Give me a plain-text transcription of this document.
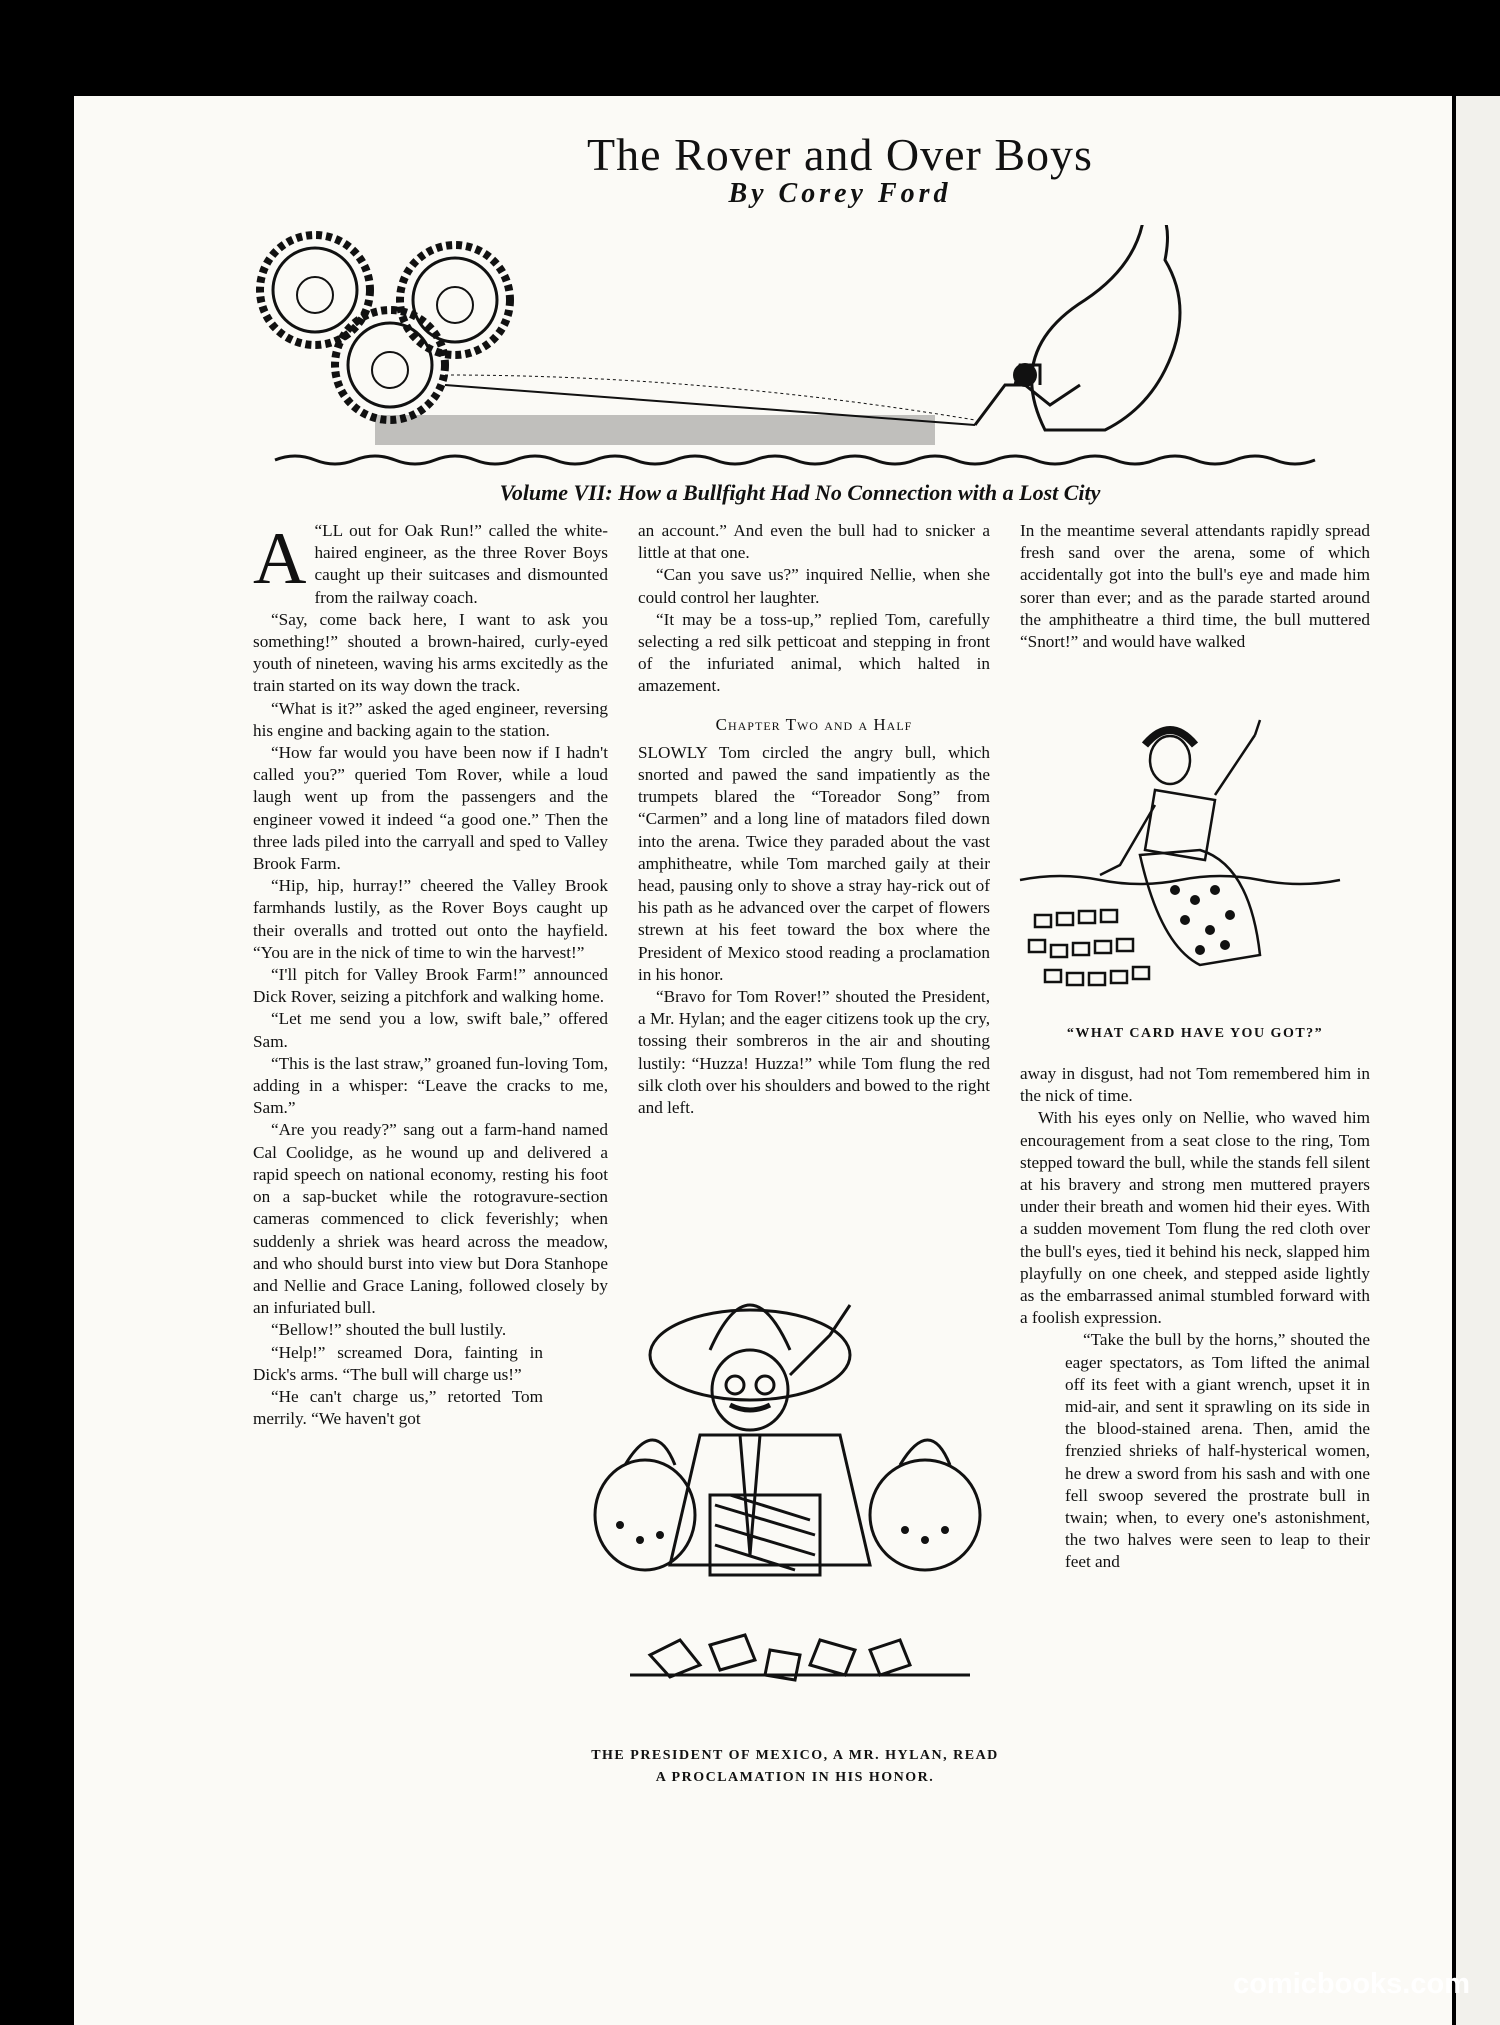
The Rover and Over Boys
By Corey Ford
Volume VII: How a Bullfight Had No Connection with a Lost City

A “LL out for Oak Run!” called the white-haired engineer, as the three Rover Boys caught up their suitcases and dismounted from the railway coach.

“Say, come back here, I want to ask you something!” shouted a brown-haired, curly-eyed youth of nineteen, waving his arms excitedly as the train started on its way down the track.

“What is it?” asked the aged engineer, reversing his engine and backing again to the station.

“How far would you have been now if I hadn't called you?” queried Tom Rover, while a loud laugh went up from the passengers and the engineer vowed it indeed “a good one.” Then the three lads piled into the carryall and sped to Valley Brook Farm.

“Hip, hip, hurray!” cheered the Valley Brook farmhands lustily, as the Rover Boys caught up their overalls and trotted out onto the hayfield. “You are in the nick of time to win the harvest!”

“I'll pitch for Valley Brook Farm!” announced Dick Rover, seizing a pitchfork and walking home.

“Let me send you a low, swift bale,” offered Sam.

“This is the last straw,” groaned fun-loving Tom, adding in a whisper: “Leave the cracks to me, Sam.”

“Are you ready?” sang out a farm-hand named Cal Coolidge, as he wound up and delivered a rapid speech on national economy, resting his foot on a sap-bucket while the rotogravure-section cameras commenced to click feverishly; when suddenly a shriek was heard across the meadow, and who should burst into view but Dora Stanhope and Nellie and Grace Laning, followed closely by an infuriated bull.

“Bellow!” shouted the bull lustily.

“Help!” screamed Dora, fainting in Dick's arms. “The bull will charge us!”

“He can't charge us,” retorted Tom merrily. “We haven't got

an account.” And even the bull had to snicker a little at that one.

“Can you save us?” inquired Nellie, when she could control her laughter.

“It may be a toss-up,” replied Tom, carefully selecting a red silk petticoat and stepping in front of the infuriated animal, which halted in amazement.

Chapter Two and a Half

SLOWLY Tom circled the angry bull, which snorted and pawed the sand impatiently as the trumpets blared the “Toreador Song” from “Carmen” and a long line of matadors filed down into the arena. Twice they paraded about the vast amphitheatre, while Tom marched gaily at their head, pausing only to shove a stray hay-rick out of his path as he advanced over the carpet of flowers strewn at his feet toward the box where the President of Mexico stood reading a proclamation in his honor.

“Bravo for Tom Rover!” shouted the President, a Mr. Hylan; and the eager citizens took up the cry, tossing their sombreros in the air and shouting lustily: “Huzza! Huzza!” while Tom flung the red silk cloth over his shoulders and bowed to the right and left.

In the meantime several attendants rapidly spread fresh sand over the arena, some of which accidentally got into the bull's eye and made him sorer than ever; and as the parade started around the amphitheatre a third time, the bull muttered “Snort!” and would have walked

“WHAT CARD HAVE YOU GOT?”

away in disgust, had not Tom remembered him in the nick of time.

With his eyes only on Nellie, who waved him encouragement from a seat close to the ring, Tom stepped toward the bull, while the stands fell silent at his bravery and strong men muttered prayers under their breath and women hid their eyes. With a sudden movement Tom flung the red cloth over the bull's eyes, tied it behind his neck, slapped him playfully on one cheek, and stepped aside lightly as the embarrassed animal stumbled forward with a foolish expression.

“Take the bull by the horns,” shouted the eager spectators, as Tom lifted the animal off its feet with a giant wrench, upset it in mid-air, and sent it sprawling on its side in the blood-stained arena. Then, amid the frenzied shrieks of half-hysterical women, he drew a sword from his sash and with one fell swoop severed the prostrate bull in twain; when, to every one's astonishment, the two halves were seen to leap to their feet and

THE PRESIDENT OF MEXICO, A MR. HYLAN, READ A PROCLAMATION IN HIS HONOR.
comicbooks.com
